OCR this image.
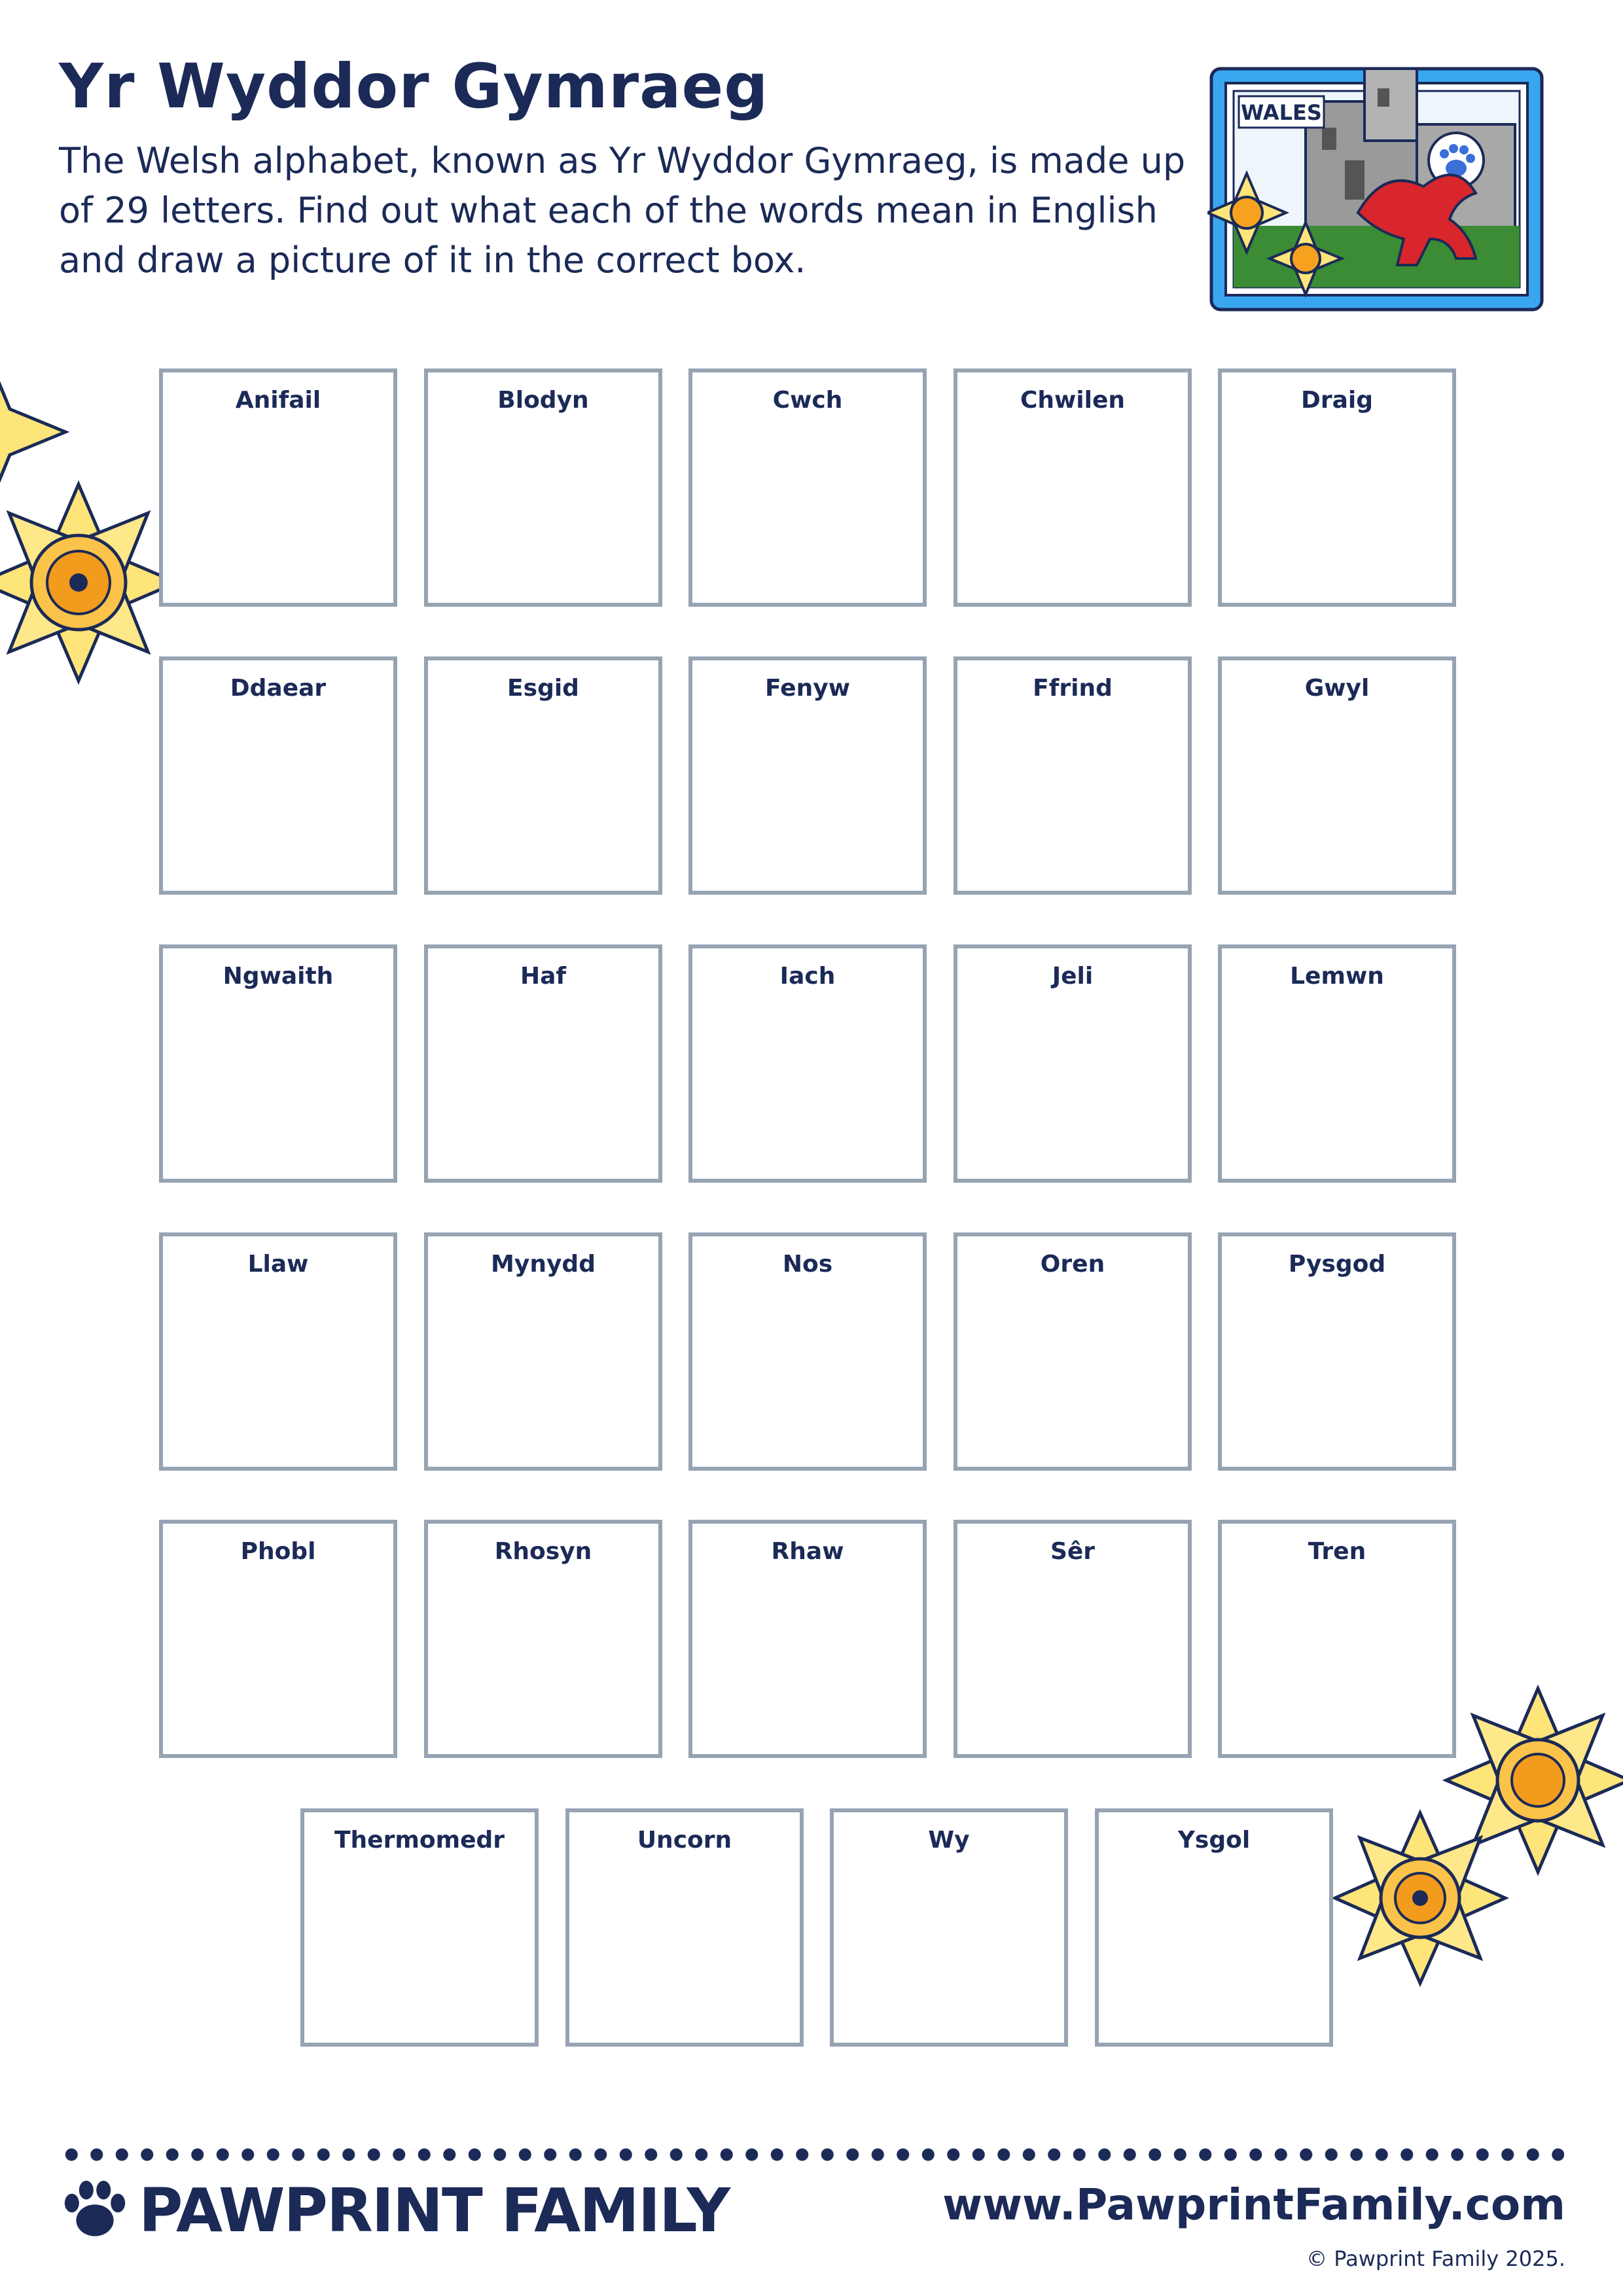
Yr Wyddor Gymraeg
The Welsh alphabet, known as Yr Wyddor Gymraeg, is made up of 29 letters. Find out what each of the words mean in English and draw a picture of it in the correct box.
WALES
Anifail	Blodyn	Cwch	Chwilen	Draig
Ddaear	Esgid	Fenyw	Ffrind	Gwyl
Ngwaith	Haf	Iach	Jeli	Lemwn
Llaw	Mynydd	Nos	Oren	Pysgod
Phobl	Rhosyn	Rhaw	Sêr	Tren
Thermomedr	Uncorn	Wy	Ysgol
PAWPRINT FAMILY	www.PawprintFamily.com
© Pawprint Family 2025.
